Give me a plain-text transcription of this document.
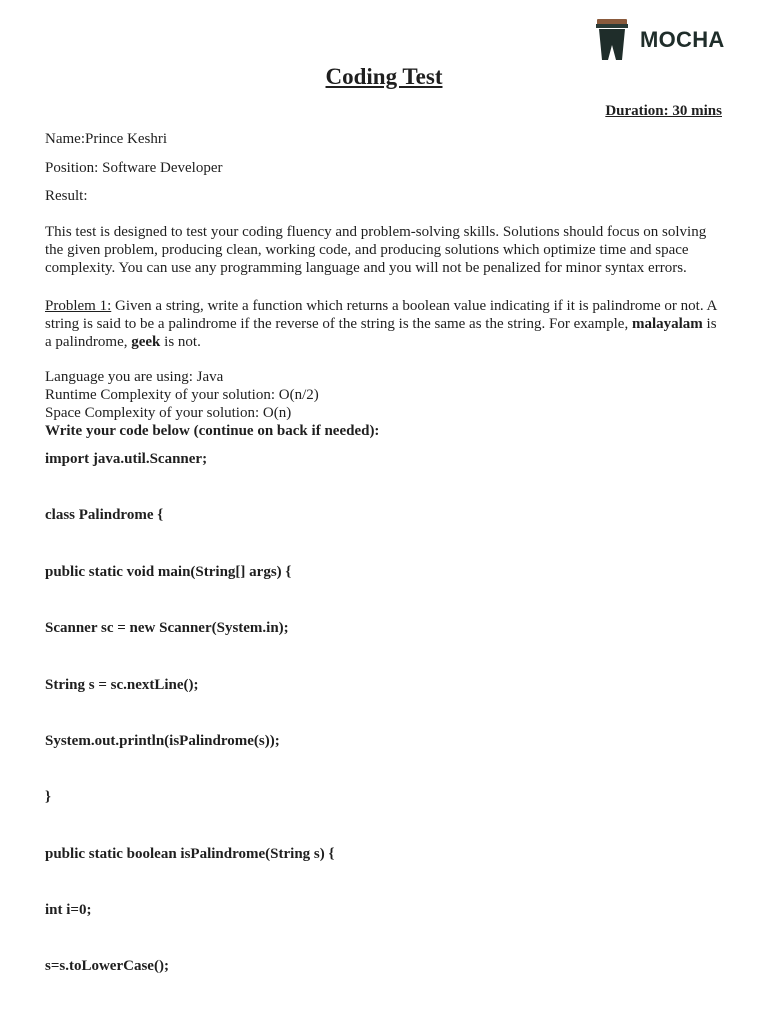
MOCHA
Coding Test
Duration: 30 mins
Name:Prince Keshri
Position: Software Developer
Result:
This test is designed to test your coding fluency and problem-solving skills. Solutions should focus on solving the given problem, producing clean, working code, and producing solutions which optimize time and space complexity. You can use any programming language and you will not be penalized for minor syntax errors.
Problem 1: Given a string, write a function which returns a boolean value indicating if it is palindrome or not. A string is said to be a palindrome if the reverse of the string is the same as the string. For example, malayalam is a palindrome, geek is not.
Language you are using: Java
Runtime Complexity of your solution: O(n/2)
Space Complexity of your solution: O(n)
Write your code below (continue on back if needed):
import java.util.Scanner;
class Palindrome {
public static void main(String[] args) {
Scanner sc = new Scanner(System.in);
String s = sc.nextLine();
System.out.println(isPalindrome(s));
}
public static boolean isPalindrome(String s) {
int i=0;
s=s.toLowerCase();
